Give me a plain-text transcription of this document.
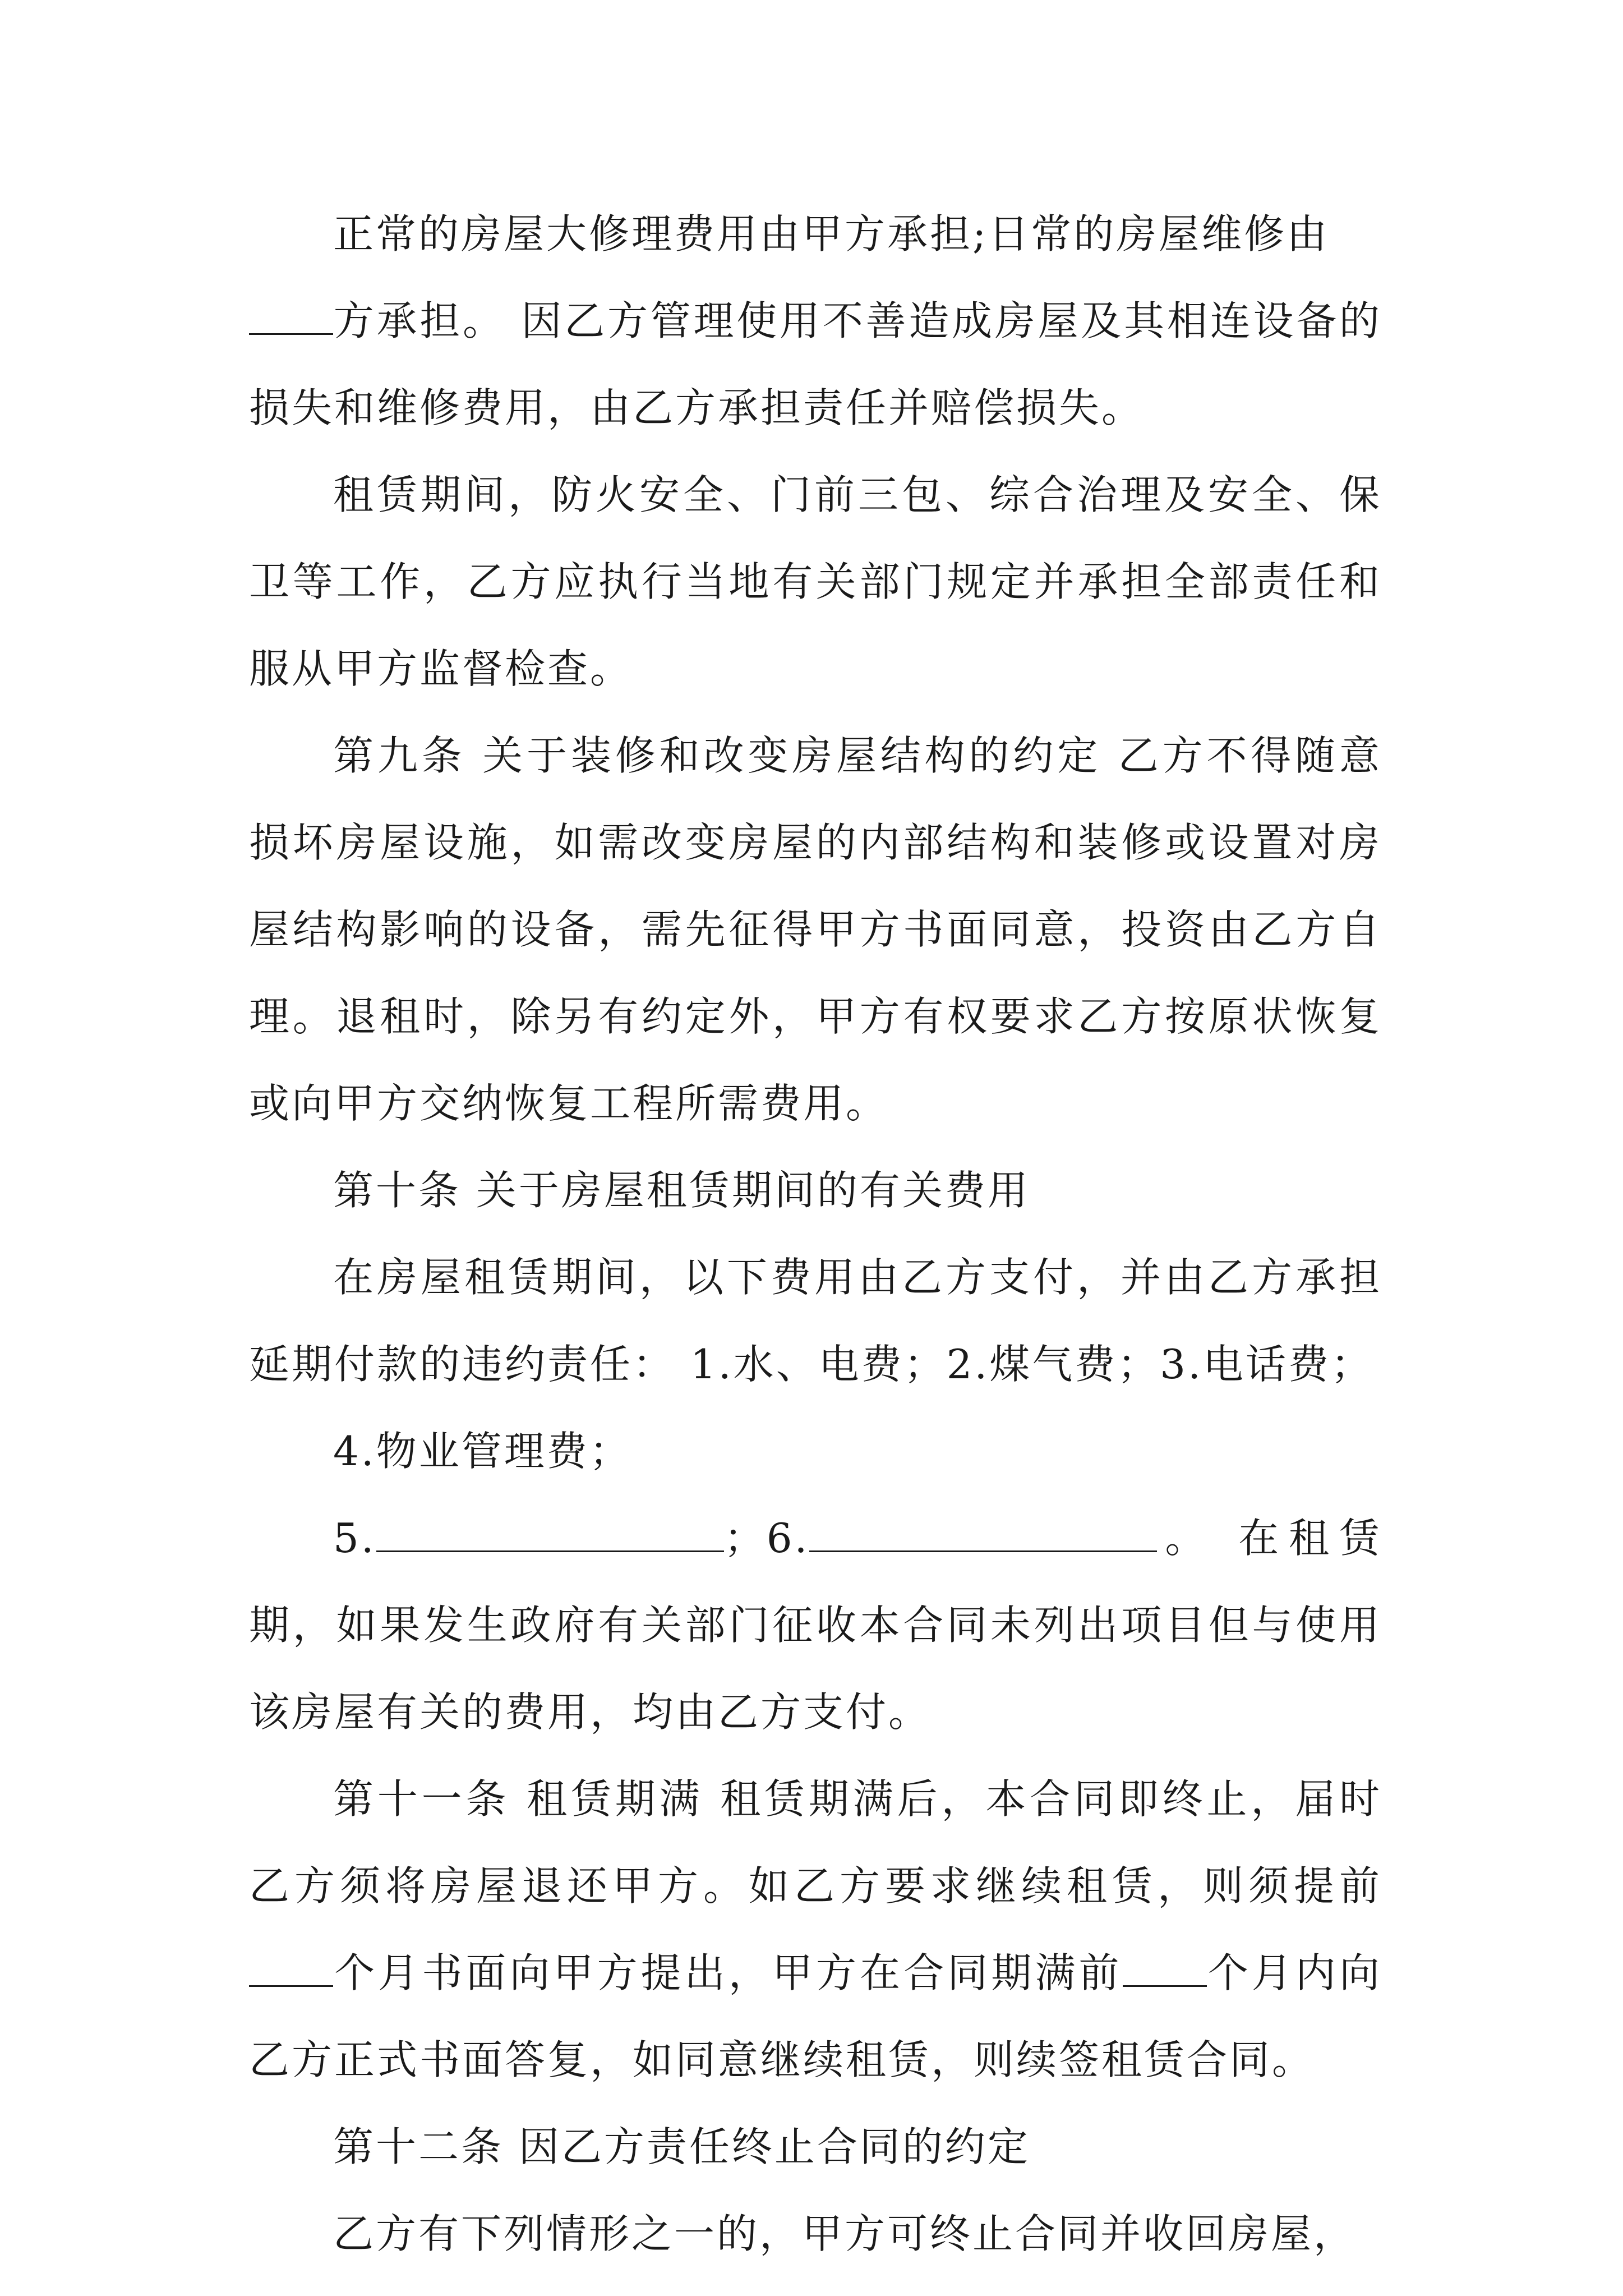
正常的房屋大修理费用由甲方承担;日常的房屋维修由
方承担。 因乙方管理使用不善造成房屋及其相连设备的损失和维修费用，由乙方承担责任并赔偿损失。

租赁期间，防火安全、门前三包、综合治理及安全、保卫等工作，乙方应执行当地有关部门规定并承担全部责任和服从甲方监督检查。

第九条 关于装修和改变房屋结构的约定 乙方不得随意损坏房屋设施，如需改变房屋的内部结构和装修或设置对房屋结构影响的设备，需先征得甲方书面同意，投资由乙方自理。退租时，除另有约定外，甲方有权要求乙方按原状恢复或向甲方交纳恢复工程所需费用。

第十条 关于房屋租赁期间的有关费用

在房屋租赁期间，以下费用由乙方支付，并由乙方承担延期付款的违约责任： 1.水、电费；2.煤气费；3.电话费；

4.物业管理费；

5.	；6.	。 在租赁期，如果发生政府有关部门征收本合同未列出项目但与使用该房屋有关的费用，均由乙方支付。

第十一条 租赁期满 租赁期满后，本合同即终止，届时乙方须将房屋退还甲方。如乙方要求继续租赁，则须提前个月书面向甲方提出，甲方在合同期满前 个月内向乙方正式书面答复，如同意继续租赁，则续签租赁合同。

第十二条 因乙方责任终止合同的约定

乙方有下列情形之一的，甲方可终止合同并收回房屋，
